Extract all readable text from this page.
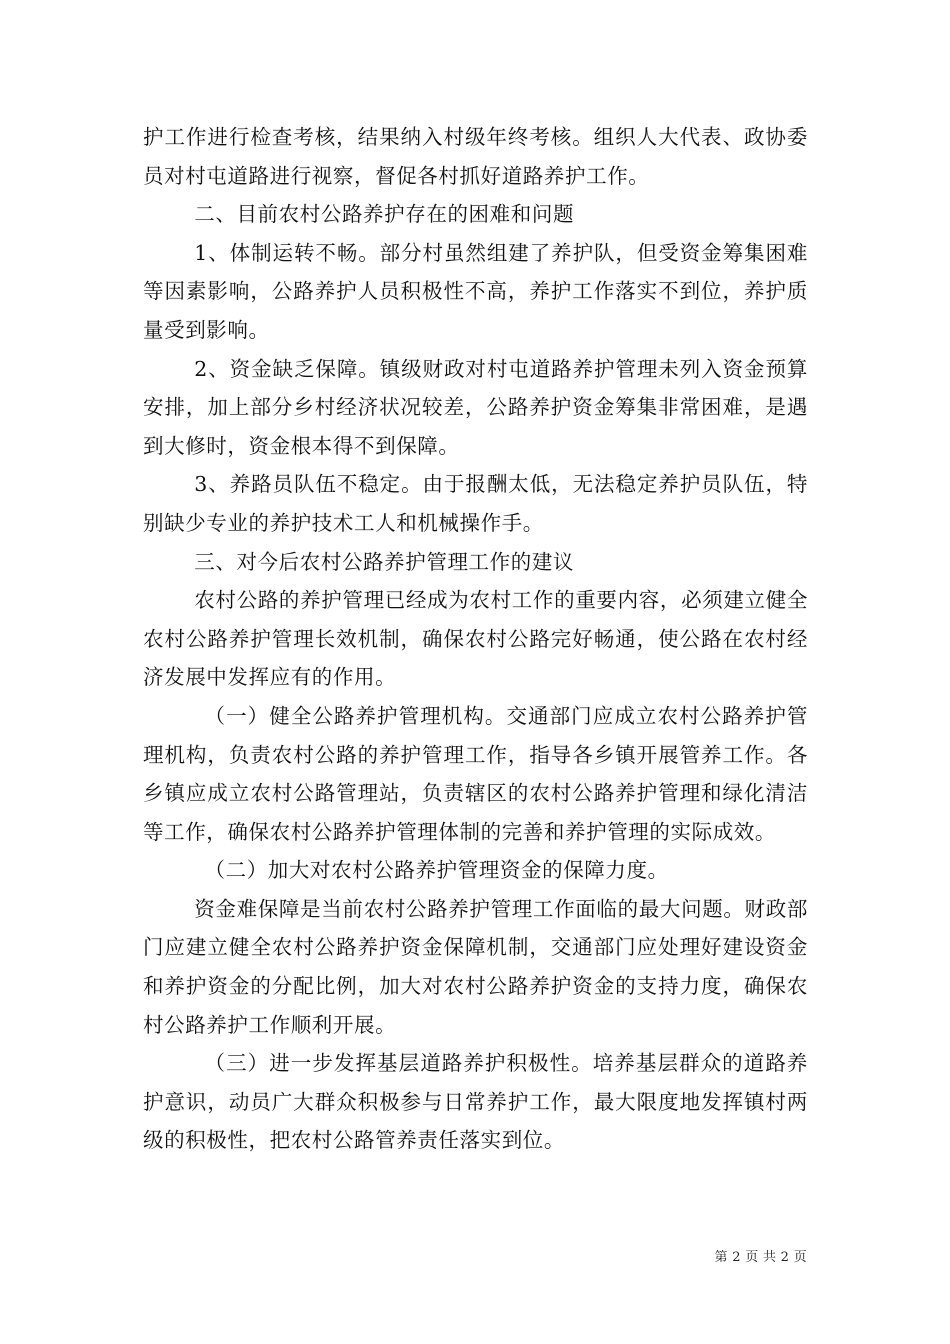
护工作进行检查考核，结果纳入村级年终考核。组织人大代表、政协委员对村屯道路进行视察，督促各村抓好道路养护工作。

二、目前农村公路养护存在的困难和问题

1、体制运转不畅。部分村虽然组建了养护队，但受资金筹集困难等因素影响，公路养护人员积极性不高，养护工作落实不到位，养护质量受到影响。

2、资金缺乏保障。镇级财政对村屯道路养护管理未列入资金预算安排，加上部分乡村经济状况较差，公路养护资金筹集非常困难，是遇到大修时，资金根本得不到保障。

3、养路员队伍不稳定。由于报酬太低，无法稳定养护员队伍，特别缺少专业的养护技术工人和机械操作手。

三、对今后农村公路养护管理工作的建议

农村公路的养护管理已经成为农村工作的重要内容，必须建立健全农村公路养护管理长效机制，确保农村公路完好畅通，使公路在农村经济发展中发挥应有的作用。

（一）健全公路养护管理机构。交通部门应成立农村公路养护管理机构，负责农村公路的养护管理工作，指导各乡镇开展管养工作。各乡镇应成立农村公路管理站，负责辖区的农村公路养护管理和绿化清洁等工作，确保农村公路养护管理体制的完善和养护管理的实际成效。

（二）加大对农村公路养护管理资金的保障力度。

资金难保障是当前农村公路养护管理工作面临的最大问题。财政部门应建立健全农村公路养护资金保障机制，交通部门应处理好建设资金和养护资金的分配比例，加大对农村公路养护资金的支持力度，确保农村公路养护工作顺利开展。

（三）进一步发挥基层道路养护积极性。培养基层群众的道路养护意识，动员广大群众积极参与日常养护工作，最大限度地发挥镇村两级的积极性，把农村公路管养责任落实到位。

第 2 页 共 2 页
